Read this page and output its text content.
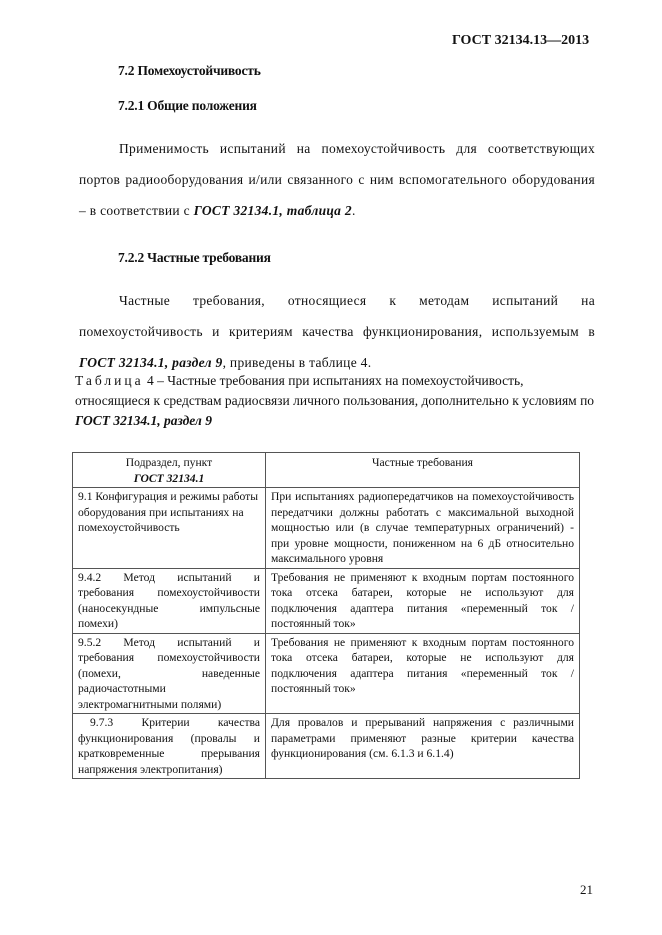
ГОСТ 32134.13—2013
7.2 Помехоустойчивость
7.2.1 Общие положения
Применимость испытаний на помехоустойчивость для соответствующих портов радиооборудования и/или связанного с ним вспомогательного оборудования – в соответствии с ГОСТ 32134.1, таблица 2.
7.2.2 Частные требования
Частные требования, относящиеся к методам испытаний на помехоустойчивость и критериям качества функционирования, используемым в ГОСТ 32134.1, раздел 9, приведены в таблице 4.
Таблица 4 – Частные требования при испытаниях на помехоустойчивость, относящиеся к средствам радиосвязи личного пользования, дополнительно к условиям по ГОСТ 32134.1, раздел 9
Подраздел, пункт
ГОСТ 32134.1	Частные требования
9.1 Конфигурация и режимы работы оборудования при испытаниях на помехоустойчивость	При испытаниях радиопередатчиков на помехоустойчивость передатчики должны работать с максимальной выходной мощностью или (в случае температурных ограничений) - при уровне мощности, пониженном на 6 дБ относительно максимального уровня
9.4.2 Метод испытаний и требования помехоустойчивости (наносекундные импульсные помехи)	Требования не применяют к входным портам постоянного тока отсека батареи, которые не используют для подключения адаптера питания «переменный ток / постоянный ток»
9.5.2 Метод испытаний и требования помехоустойчивости (помехи, наведенные радиочастотными электромагнитными полями)	Требования не применяют к входным портам постоянного тока отсека батареи, которые не используют для подключения адаптера питания «переменный ток / постоянный ток»
9.7.3 Критерии качества функционирования (провалы и кратковременные прерывания напряжения электропитания)	Для провалов и прерываний напряжения с различными параметрами применяют разные критерии качества функционирования (см. 6.1.3 и 6.1.4)
21
